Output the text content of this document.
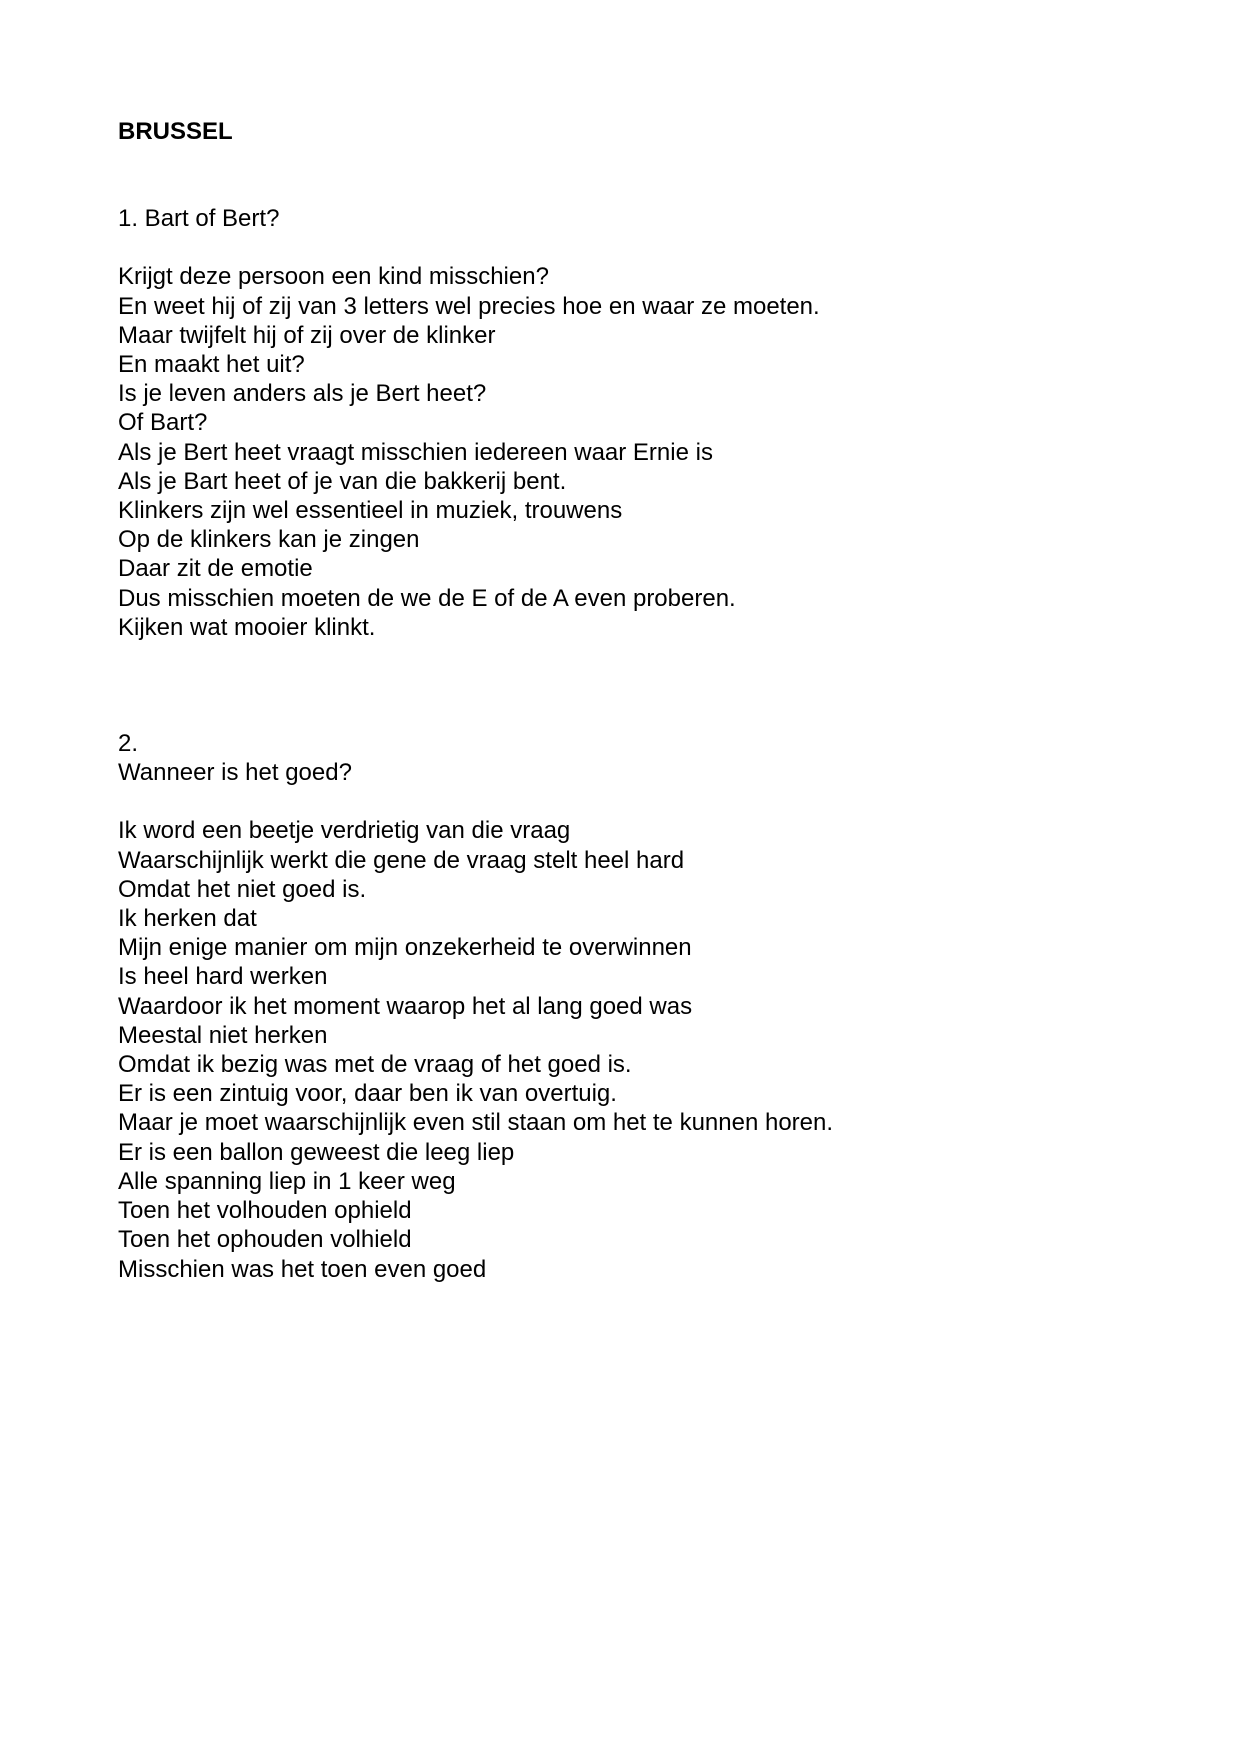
BRUSSEL
1. Bart of Bert?
Krijgt deze persoon een kind misschien?
En weet hij of zij van 3 letters wel precies hoe en waar ze moeten.
Maar twijfelt hij of zij over de klinker
En maakt het uit?
Is je leven anders als je Bert heet?
Of Bart?
Als je Bert heet vraagt misschien iedereen waar Ernie is
Als je Bart heet of je van die bakkerij bent.
Klinkers zijn wel essentieel in muziek, trouwens
Op de klinkers kan je zingen
Daar zit de emotie
Dus misschien moeten de we de E of de A even proberen.
Kijken wat mooier klinkt.
2.
Wanneer is het goed?
Ik word een beetje verdrietig van die vraag
Waarschijnlijk werkt die gene de vraag stelt heel hard
Omdat het niet goed is.
Ik herken dat
Mijn enige manier om mijn onzekerheid te overwinnen
Is heel hard werken
Waardoor ik het moment waarop het al lang goed was
Meestal niet herken
Omdat ik bezig was met de vraag of het goed is.
Er is een zintuig voor, daar ben ik van overtuig.
Maar je moet waarschijnlijk even stil staan om het te kunnen horen.
Er is een ballon geweest die leeg liep
Alle spanning liep in 1 keer weg
Toen het volhouden ophield
Toen het ophouden volhield
Misschien was het toen even goed
